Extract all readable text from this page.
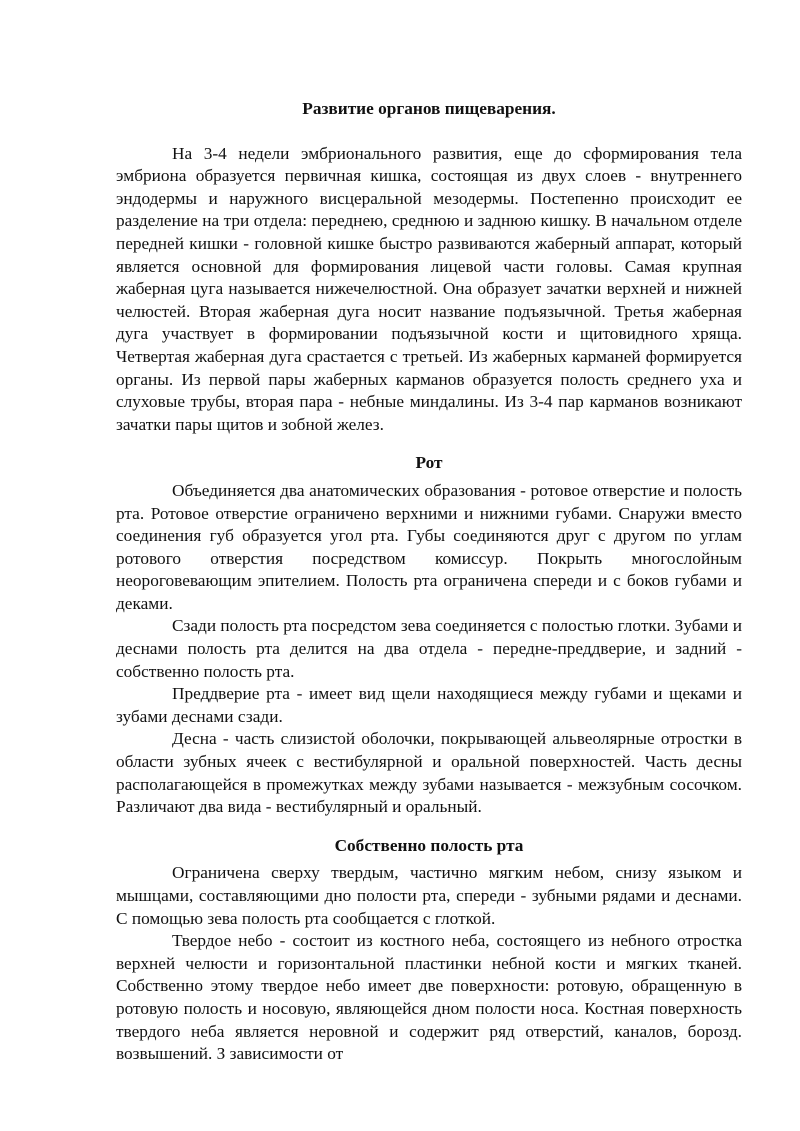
Развитие органов пищеварения.

На 3-4 недели эмбрионального развития, еще до сформирования тела эмбриона образуется первичная кишка, состоящая из двух слоев - внутреннего эндодермы и наружного висцеральной мезодермы. Постепенно происходит ее разделение на три отдела: переднею, среднюю и заднюю кишку. В начальном отделе передней кишки - головной кишке быстро развиваются жаберный аппарат, который является основной для формирования лицевой части головы. Самая крупная жаберная цуга называется нижечелюстной. Она образует зачатки верхней и нижней челюстей. Вторая жаберная дуга носит название подъязычной. Третья жаберная дуга участвует в формировании подъязычной кости и щитовидного хряща. Четвертая жаберная дуга срастается с третьей. Из жаберных карманей формируется органы. Из первой пары жаберных карманов образуется полость среднего уха и слуховые трубы, вторая пара - небные миндалины. Из 3-4 пар карманов возникают зачатки пары щитов и зобной желез.

Рот

Объединяется два анатомических образования - ротовое отверстие и полость рта. Ротовое отверстие ограничено верхними и нижними губами. Снаружи вместо соединения губ образуется угол рта. Губы соединяются друг с другом по углам ротового отверстия посредством комиссур. Покрыть многослойным неороговевающим эпителием. Полость рта ограничена спереди и с боков губами и деками.

Сзади полость рта посредстом зева соединяется с полостью глотки. Зубами и деснами полость рта делится на два отдела - передне-преддверие, и задний - собственно полость рта.

Преддверие рта - имеет вид щели находящиеся между губами и щеками и зубами деснами сзади.

Десна - часть слизистой оболочки, покрывающей альвеолярные отростки в области зубных ячеек с вестибулярной и оральной поверхностей. Часть десны располагающейся в промежутках между зубами называется - межзубным сосочком. Различают два вида - вестибулярный и оральный.

Собственно полость рта

Ограничена сверху твердым, частично мягким небом, снизу языком и мышцами, составляющими дно полости рта, спереди - зубными рядами и деснами. С помощью зева полость рта сообщается с глоткой.

Твердое небо - состоит из костного неба, состоящего из небного отростка верхней челюсти и горизонтальной пластинки небной кости и мягких тканей. Собственно этому твердое небо имеет две поверхности: ротовую, обращенную в ротовую полость и носовую, являющейся дном полости носа. Костная поверхность твердого неба является неровной и содержит ряд отверстий, каналов, борозд. возвышений. З зависимости от
